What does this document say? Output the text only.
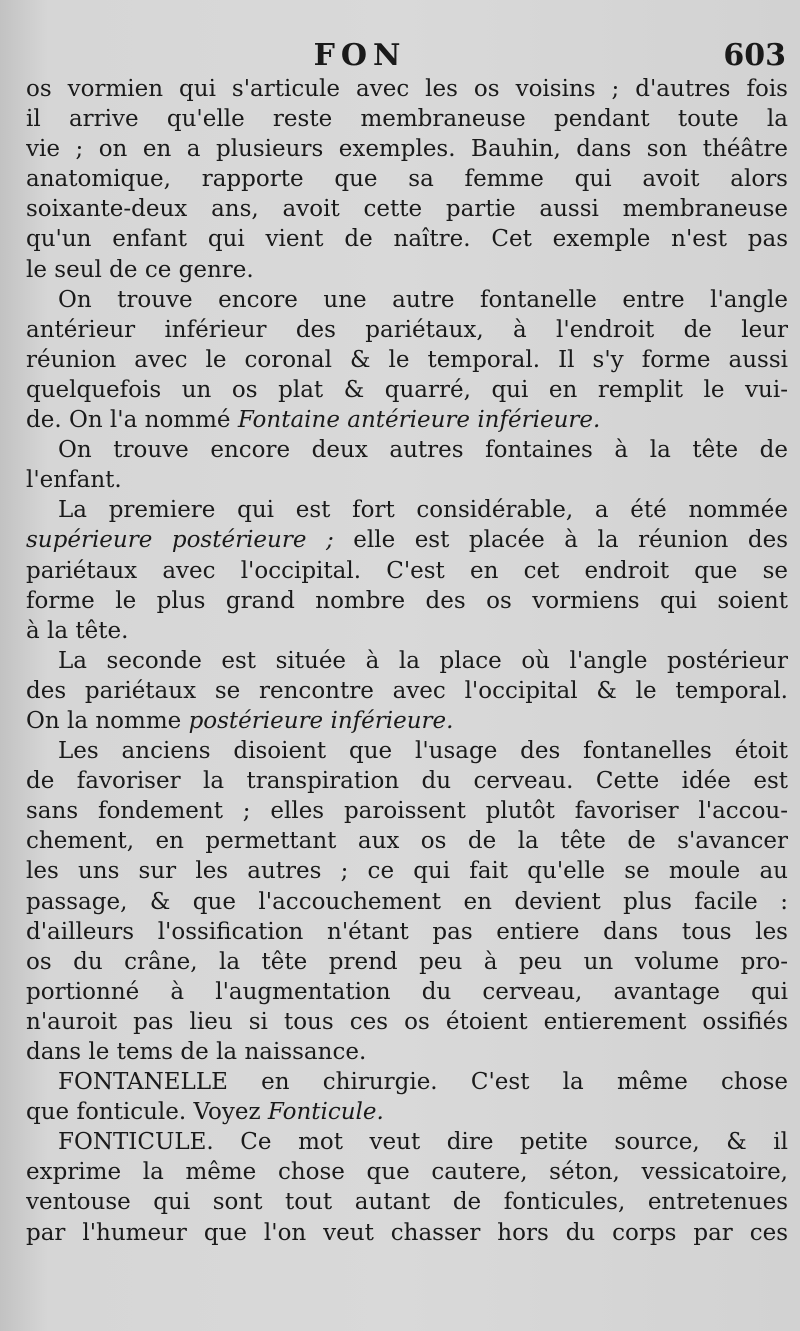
FON	603
os vormien qui s'articule avec les os voisins ; d'autres fois
il arrive qu'elle reste membraneuse pendant toute la
vie ; on en a plusieurs exemples. Bauhin, dans son théâtre
anatomique, rapporte que sa femme qui avoit alors
soixante-deux ans, avoit cette partie aussi membraneuse
qu'un enfant qui vient de naître. Cet exemple n'est pas
le seul de ce genre.
On trouve encore une autre fontanelle entre l'angle
antérieur inférieur des pariétaux, à l'endroit de leur
réunion avec le coronal & le temporal. Il s'y forme aussi
quelquefois un os plat & quarré, qui en remplit le vui-
de. On l'a nommé Fontaine antérieure inférieure.
On trouve encore deux autres fontaines à la tête de
l'enfant.
La premiere qui est fort considérable, a été nommée
supérieure postérieure ; elle est placée à la réunion des
pariétaux avec l'occipital. C'est en cet endroit que se
forme le plus grand nombre des os vormiens qui soient
à la tête.
La seconde est située à la place où l'angle postérieur
des pariétaux se rencontre avec l'occipital & le temporal.
On la nomme postérieure inférieure.
Les anciens disoient que l'usage des fontanelles étoit
de favoriser la transpiration du cerveau. Cette idée est
sans fondement ; elles paroissent plutôt favoriser l'accou-
chement, en permettant aux os de la tête de s'avancer
les uns sur les autres ; ce qui fait qu'elle se moule au
passage, & que l'accouchement en devient plus facile :
d'ailleurs l'ossification n'étant pas entiere dans tous les
os du crâne, la tête prend peu à peu un volume pro-
portionné à l'augmentation du cerveau, avantage qui
n'auroit pas lieu si tous ces os étoient entierement ossifiés
dans le tems de la naissance.
FONTANELLE en chirurgie. C'est la même chose
que fonticule. Voyez Fonticule.
FONTICULE. Ce mot veut dire petite source, & il
exprime la même chose que cautere, séton, vessicatoire,
ventouse qui sont tout autant de fonticules, entretenues
par l'humeur que l'on veut chasser hors du corps par ces
